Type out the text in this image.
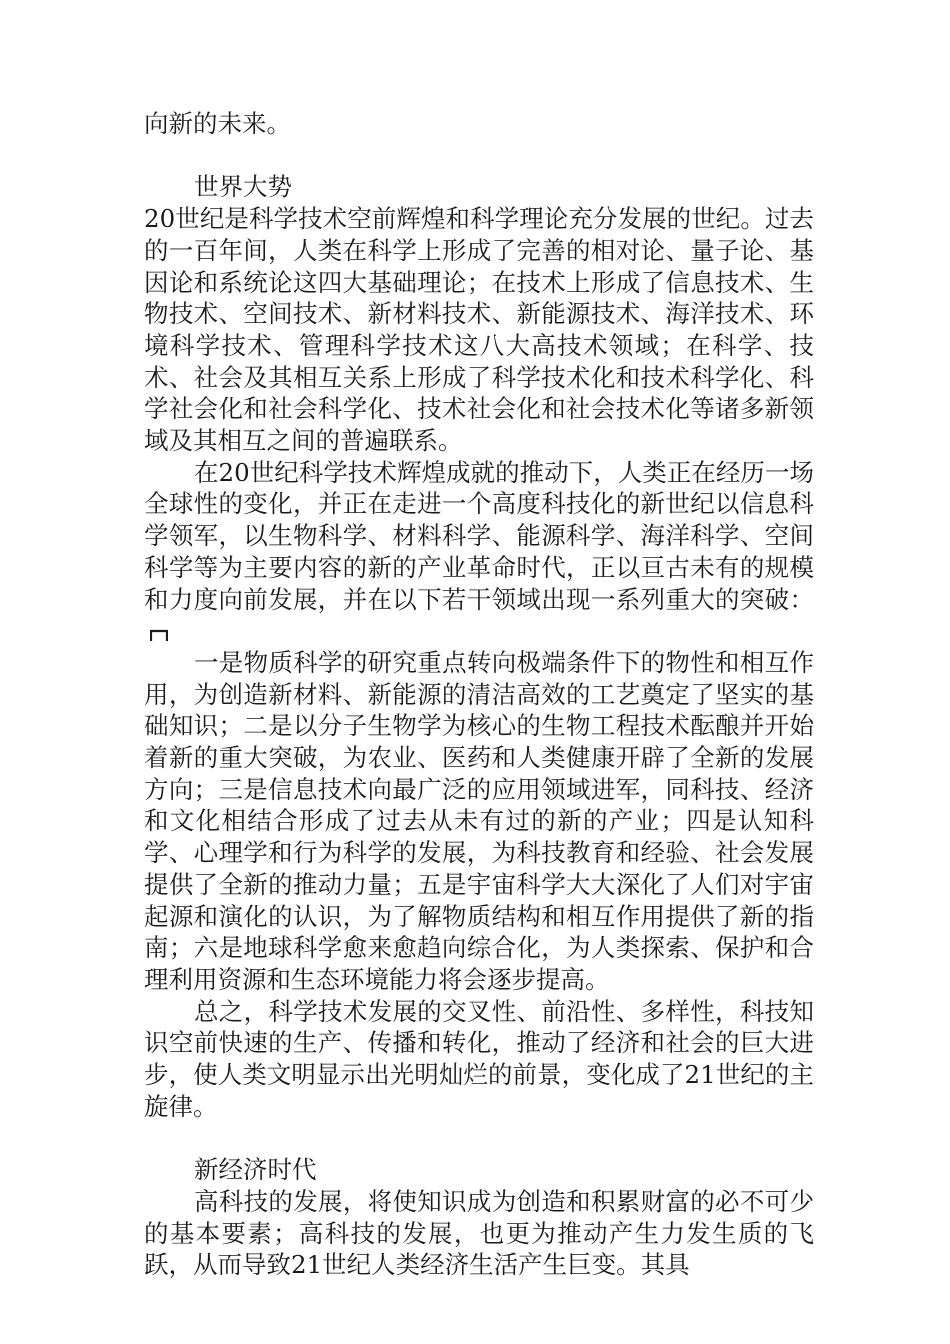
向新的未来。

世界大势

20世纪是科学技术空前辉煌和科学理论充分发展的世纪。过去的一百年间，人类在科学上形成了完善的相对论、量子论、基因论和系统论这四大基础理论；在技术上形成了信息技术、生物技术、空间技术、新材料技术、新能源技术、海洋技术、环境科学技术、管理科学技术这八大高技术领域；在科学、技术、社会及其相互关系上形成了科学技术化和技术科学化、科学社会化和社会科学化、技术社会化和社会技术化等诸多新领域及其相互之间的普遍联系。

在20世纪科学技术辉煌成就的推动下，人类正在经历一场全球性的变化，并正在走进一个高度科技化的新世纪以信息科学领军，以生物科学、材料科学、能源科学、海洋科学、空间科学等为主要内容的新的产业革命时代，正以亘古未有的规模和力度向前发展，并在以下若干领域出现一系列重大的突破：

一是物质科学的研究重点转向极端条件下的物性和相互作用，为创造新材料、新能源的清洁高效的工艺奠定了坚实的基础知识；二是以分子生物学为核心的生物工程技术酝酿并开始着新的重大突破，为农业、医药和人类健康开辟了全新的发展方向；三是信息技术向最广泛的应用领域进军，同科技、经济和文化相结合形成了过去从未有过的新的产业；四是认知科学、心理学和行为科学的发展，为科技教育和经验、社会发展提供了全新的推动力量；五是宇宙科学大大深化了人们对宇宙起源和演化的认识，为了解物质结构和相互作用提供了新的指南；六是地球科学愈来愈趋向综合化，为人类探索、保护和合理利用资源和生态环境能力将会逐步提高。

总之，科学技术发展的交叉性、前沿性、多样性，科技知识空前快速的生产、传播和转化，推动了经济和社会的巨大进步，使人类文明显示出光明灿烂的前景，变化成了21世纪的主旋律。

新经济时代

高科技的发展，将使知识成为创造和积累财富的必不可少的基本要素；高科技的发展，也更为推动产生力发生质的飞跃，从而导致21世纪人类经济生活产生巨变。其具
